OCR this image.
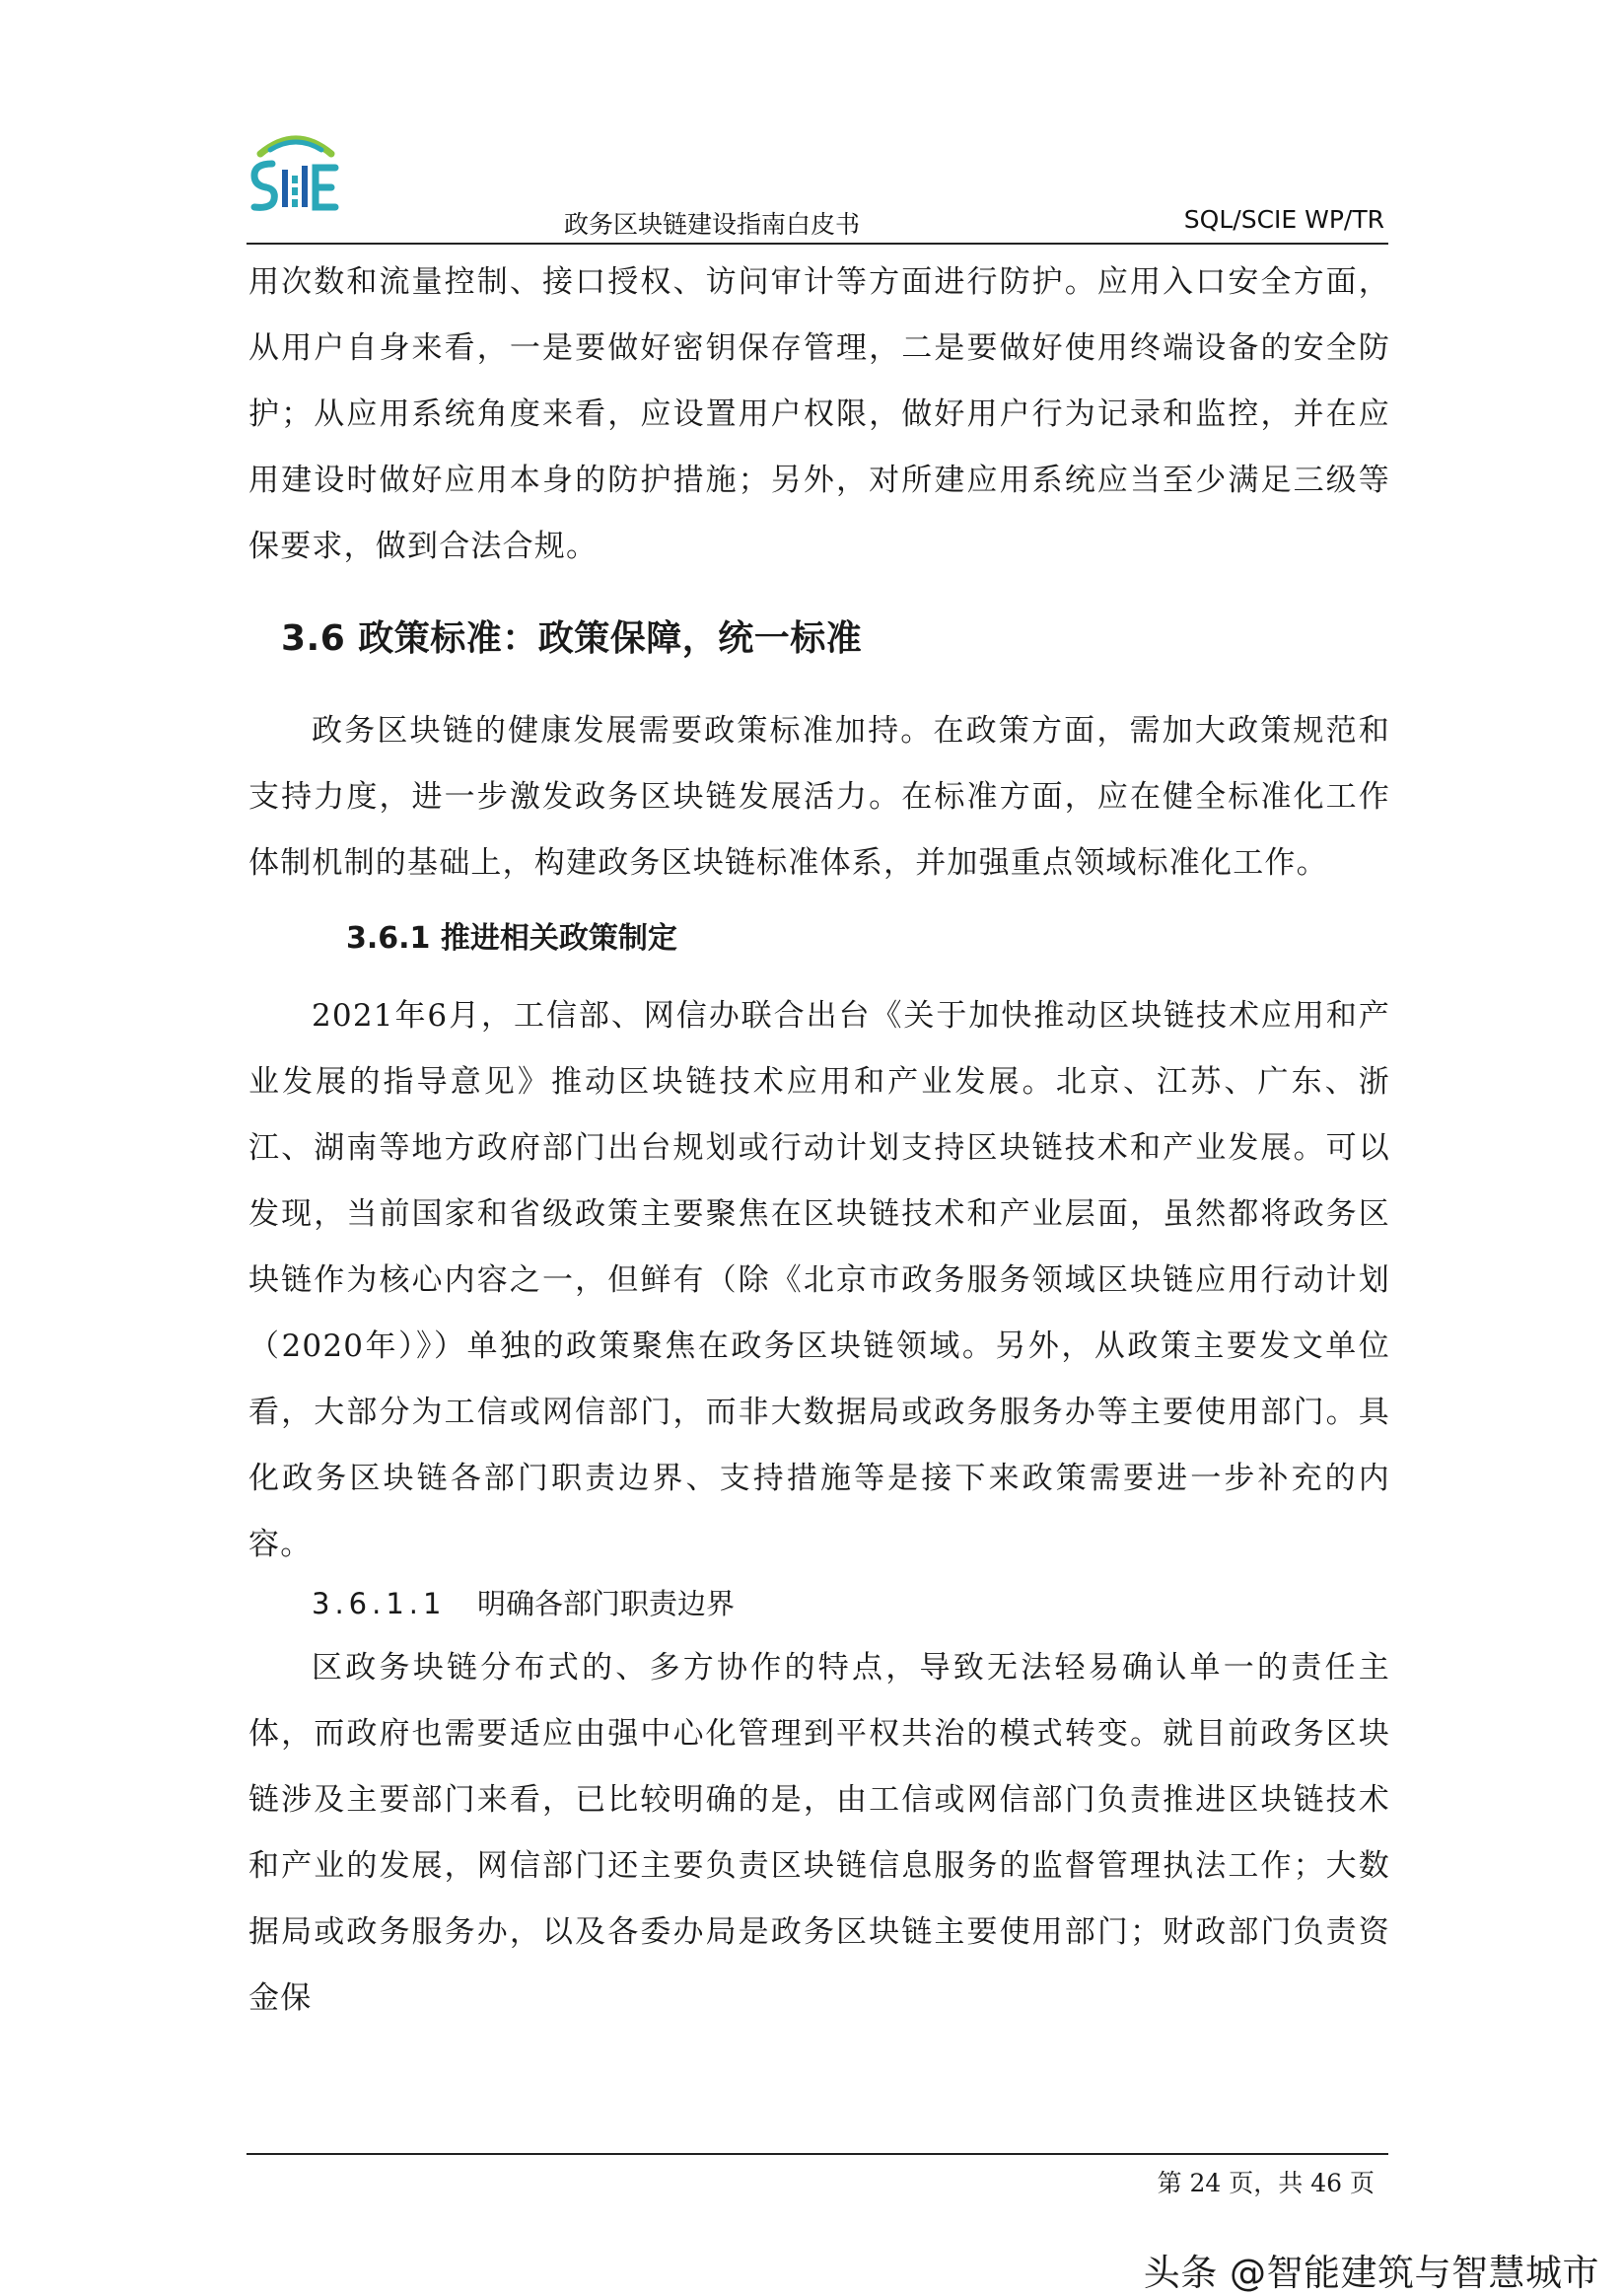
政务区块链建设指南白皮书	SQL/SCIE WP/TR

用次数和流量控制、接口授权、访问审计等方面进行防护。应用入口安全方面，从用户自身来看，一是要做好密钥保存管理，二是要做好使用终端设备的安全防护；从应用系统角度来看，应设置用户权限，做好用户行为记录和监控，并在应用建设时做好应用本身的防护措施；另外，对所建应用系统应当至少满足三级等保要求，做到合法合规。

3.6 政策标准：政策保障，统一标准

政务区块链的健康发展需要政策标准加持。在政策方面，需加大政策规范和支持力度，进一步激发政务区块链发展活力。在标准方面，应在健全标准化工作体制机制的基础上，构建政务区块链标准体系，并加强重点领域标准化工作。

3.6.1 推进相关政策制定

2021年6月，工信部、网信办联合出台《关于加快推动区块链技术应用和产业发展的指导意见》推动区块链技术应用和产业发展。北京、江苏、广东、浙江、湖南等地方政府部门出台规划或行动计划支持区块链技术和产业发展。可以发现，当前国家和省级政策主要聚焦在区块链技术和产业层面，虽然都将政务区块链作为核心内容之一，但鲜有（除《北京市政务服务领域区块链应用行动计划（2020年）》）单独的政策聚焦在政务区块链领域。另外，从政策主要发文单位看，大部分为工信或网信部门，而非大数据局或政务服务办等主要使用部门。具化政务区块链各部门职责边界、支持措施等是接下来政策需要进一步补充的内容。

3.6.1.1 明确各部门职责边界

区政务块链分布式的、多方协作的特点，导致无法轻易确认单一的责任主体，而政府也需要适应由强中心化管理到平权共治的模式转变。就目前政务区块链涉及主要部门来看，已比较明确的是，由工信或网信部门负责推进区块链技术和产业的发展，网信部门还主要负责区块链信息服务的监督管理执法工作；大数据局或政务服务办，以及各委办局是政务区块链主要使用部门；财政部门负责资金保

第 24 页，共 46 页
头条 @智能建筑与智慧城市
